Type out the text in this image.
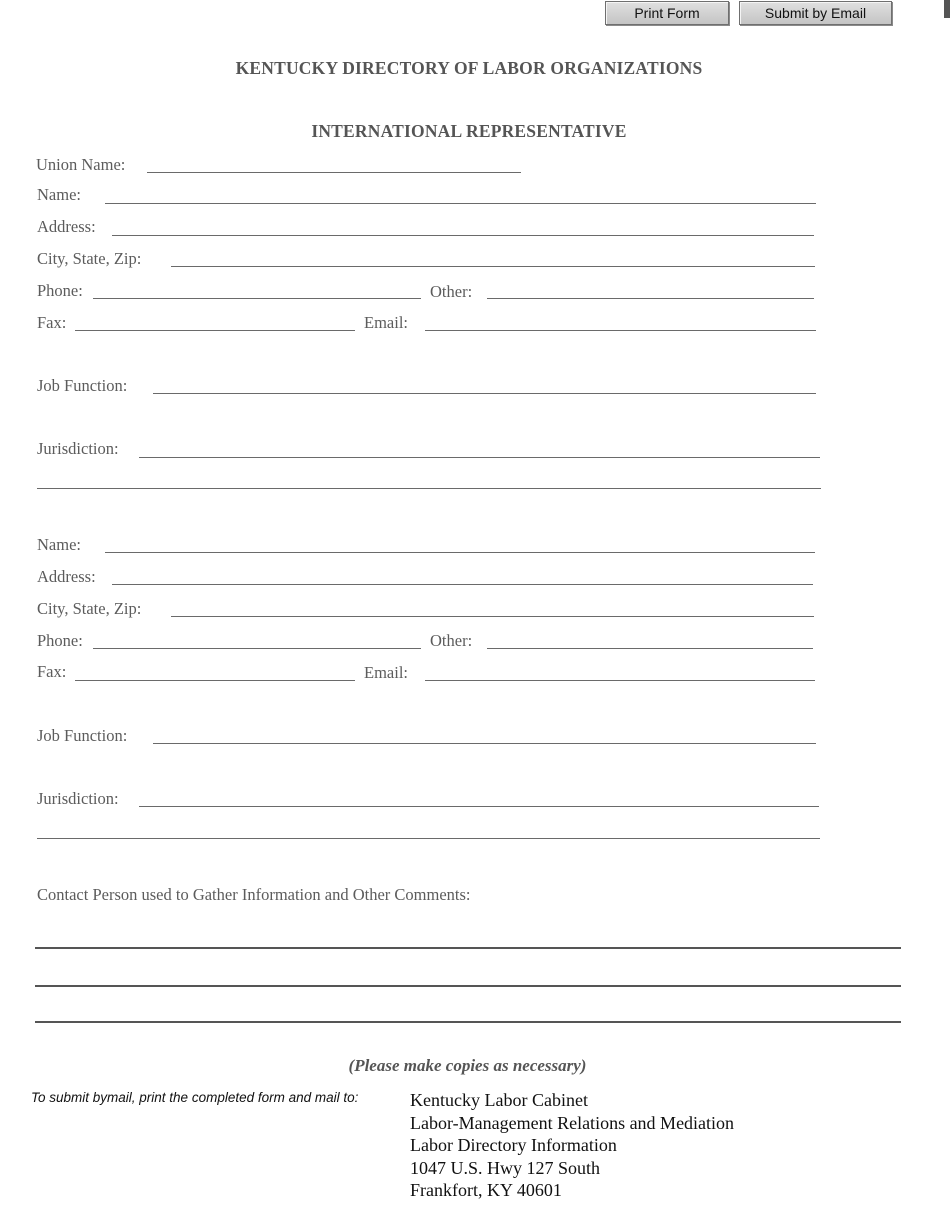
Print Form	Submit by Email
KENTUCKY DIRECTORY OF LABOR ORGANIZATIONS
INTERNATIONAL REPRESENTATIVE
Union Name:
Name:
Address:
City, State, Zip:
Phone:	Other:
Fax:	Email:
Job Function:
Jurisdiction:
Name:
Address:
City, State, Zip:
Phone:	Other:
Fax:	Email:
Job Function:
Jurisdiction:
Contact Person used to Gather Information and Other Comments:
(Please make copies as necessary)
To submit bymail, print the completed form and mail to:	Kentucky Labor Cabinet
Labor-Management Relations and Mediation
Labor Directory Information
1047 U.S. Hwy 127 South
Frankfort, KY 40601
